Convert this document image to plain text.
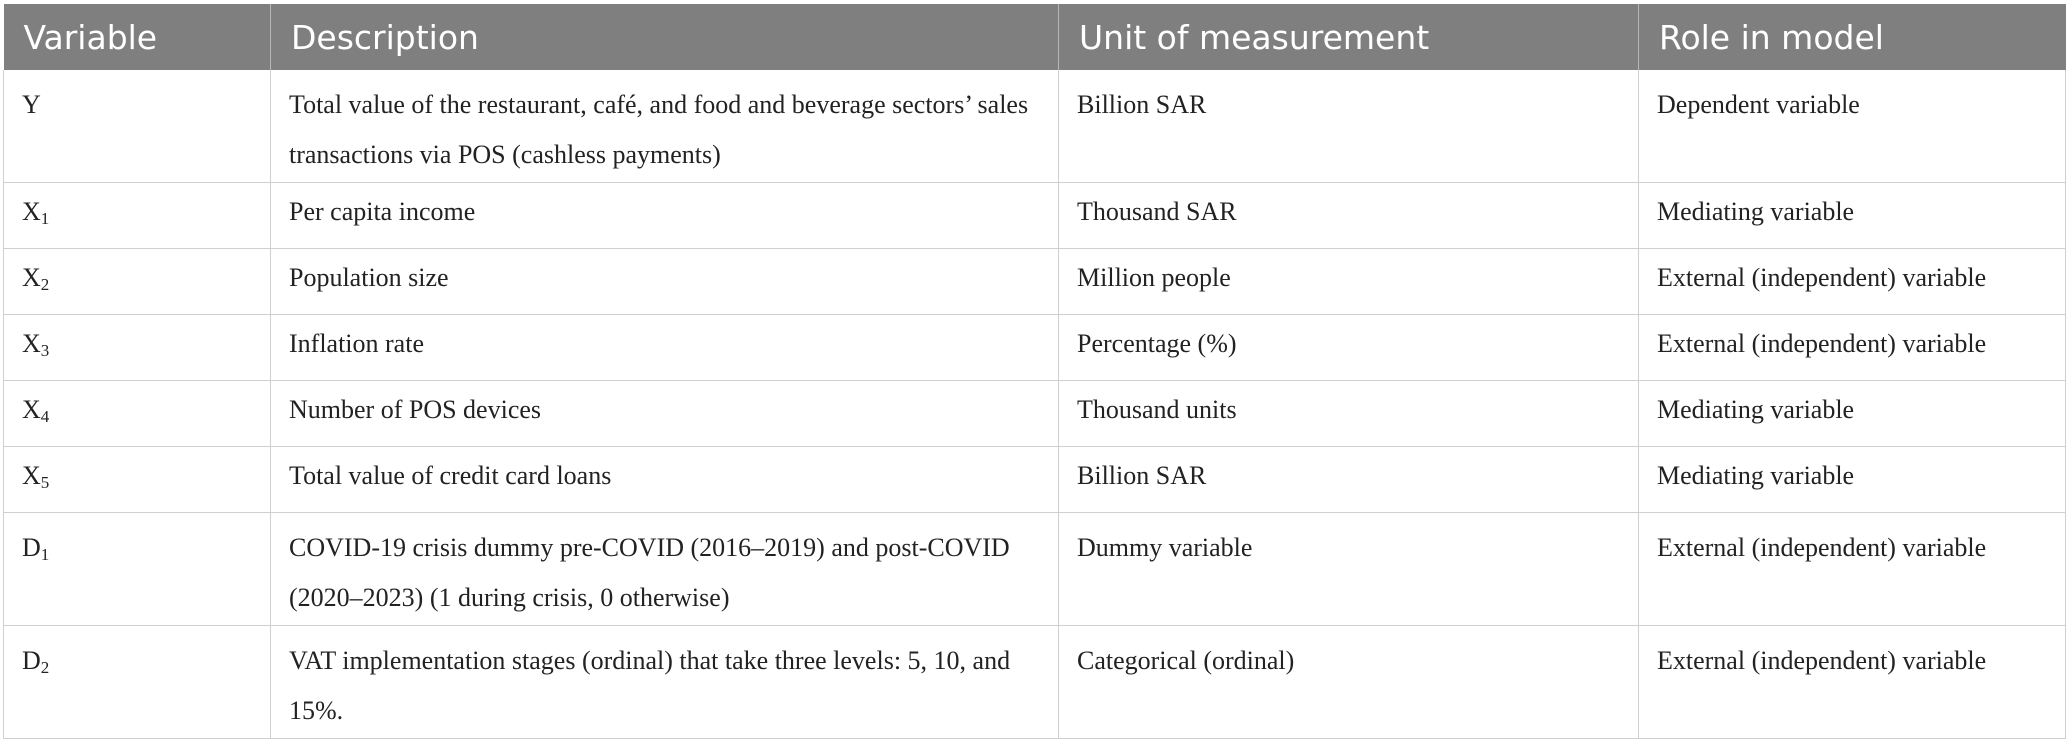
Variable	Description	Unit of measurement	Role in model

Y	Total value of the restaurant, café, and food and beverage sectors’ sales transactions via POS (cashless payments)	Billion SAR	Dependent variable

$X_1$	Per capita income	Thousand SAR	Mediating variable

$X_2$	Population size	Million people	External (independent) variable

$X_3$	Inflation rate	Percentage (%)	External (independent) variable

$X_4$	Number of POS devices	Thousand units	Mediating variable

$X_5$	Total value of credit card loans	Billion SAR	Mediating variable

$D_1$	COVID-19 crisis dummy pre-COVID (2016–2019) and post-COVID (2020–2023) (1 during crisis, 0 otherwise)	Dummy variable	External (independent) variable

$D_2$	VAT implementation stages (ordinal) that take three levels: 5, 10, and 15%.	Categorical (ordinal)	External (independent) variable
